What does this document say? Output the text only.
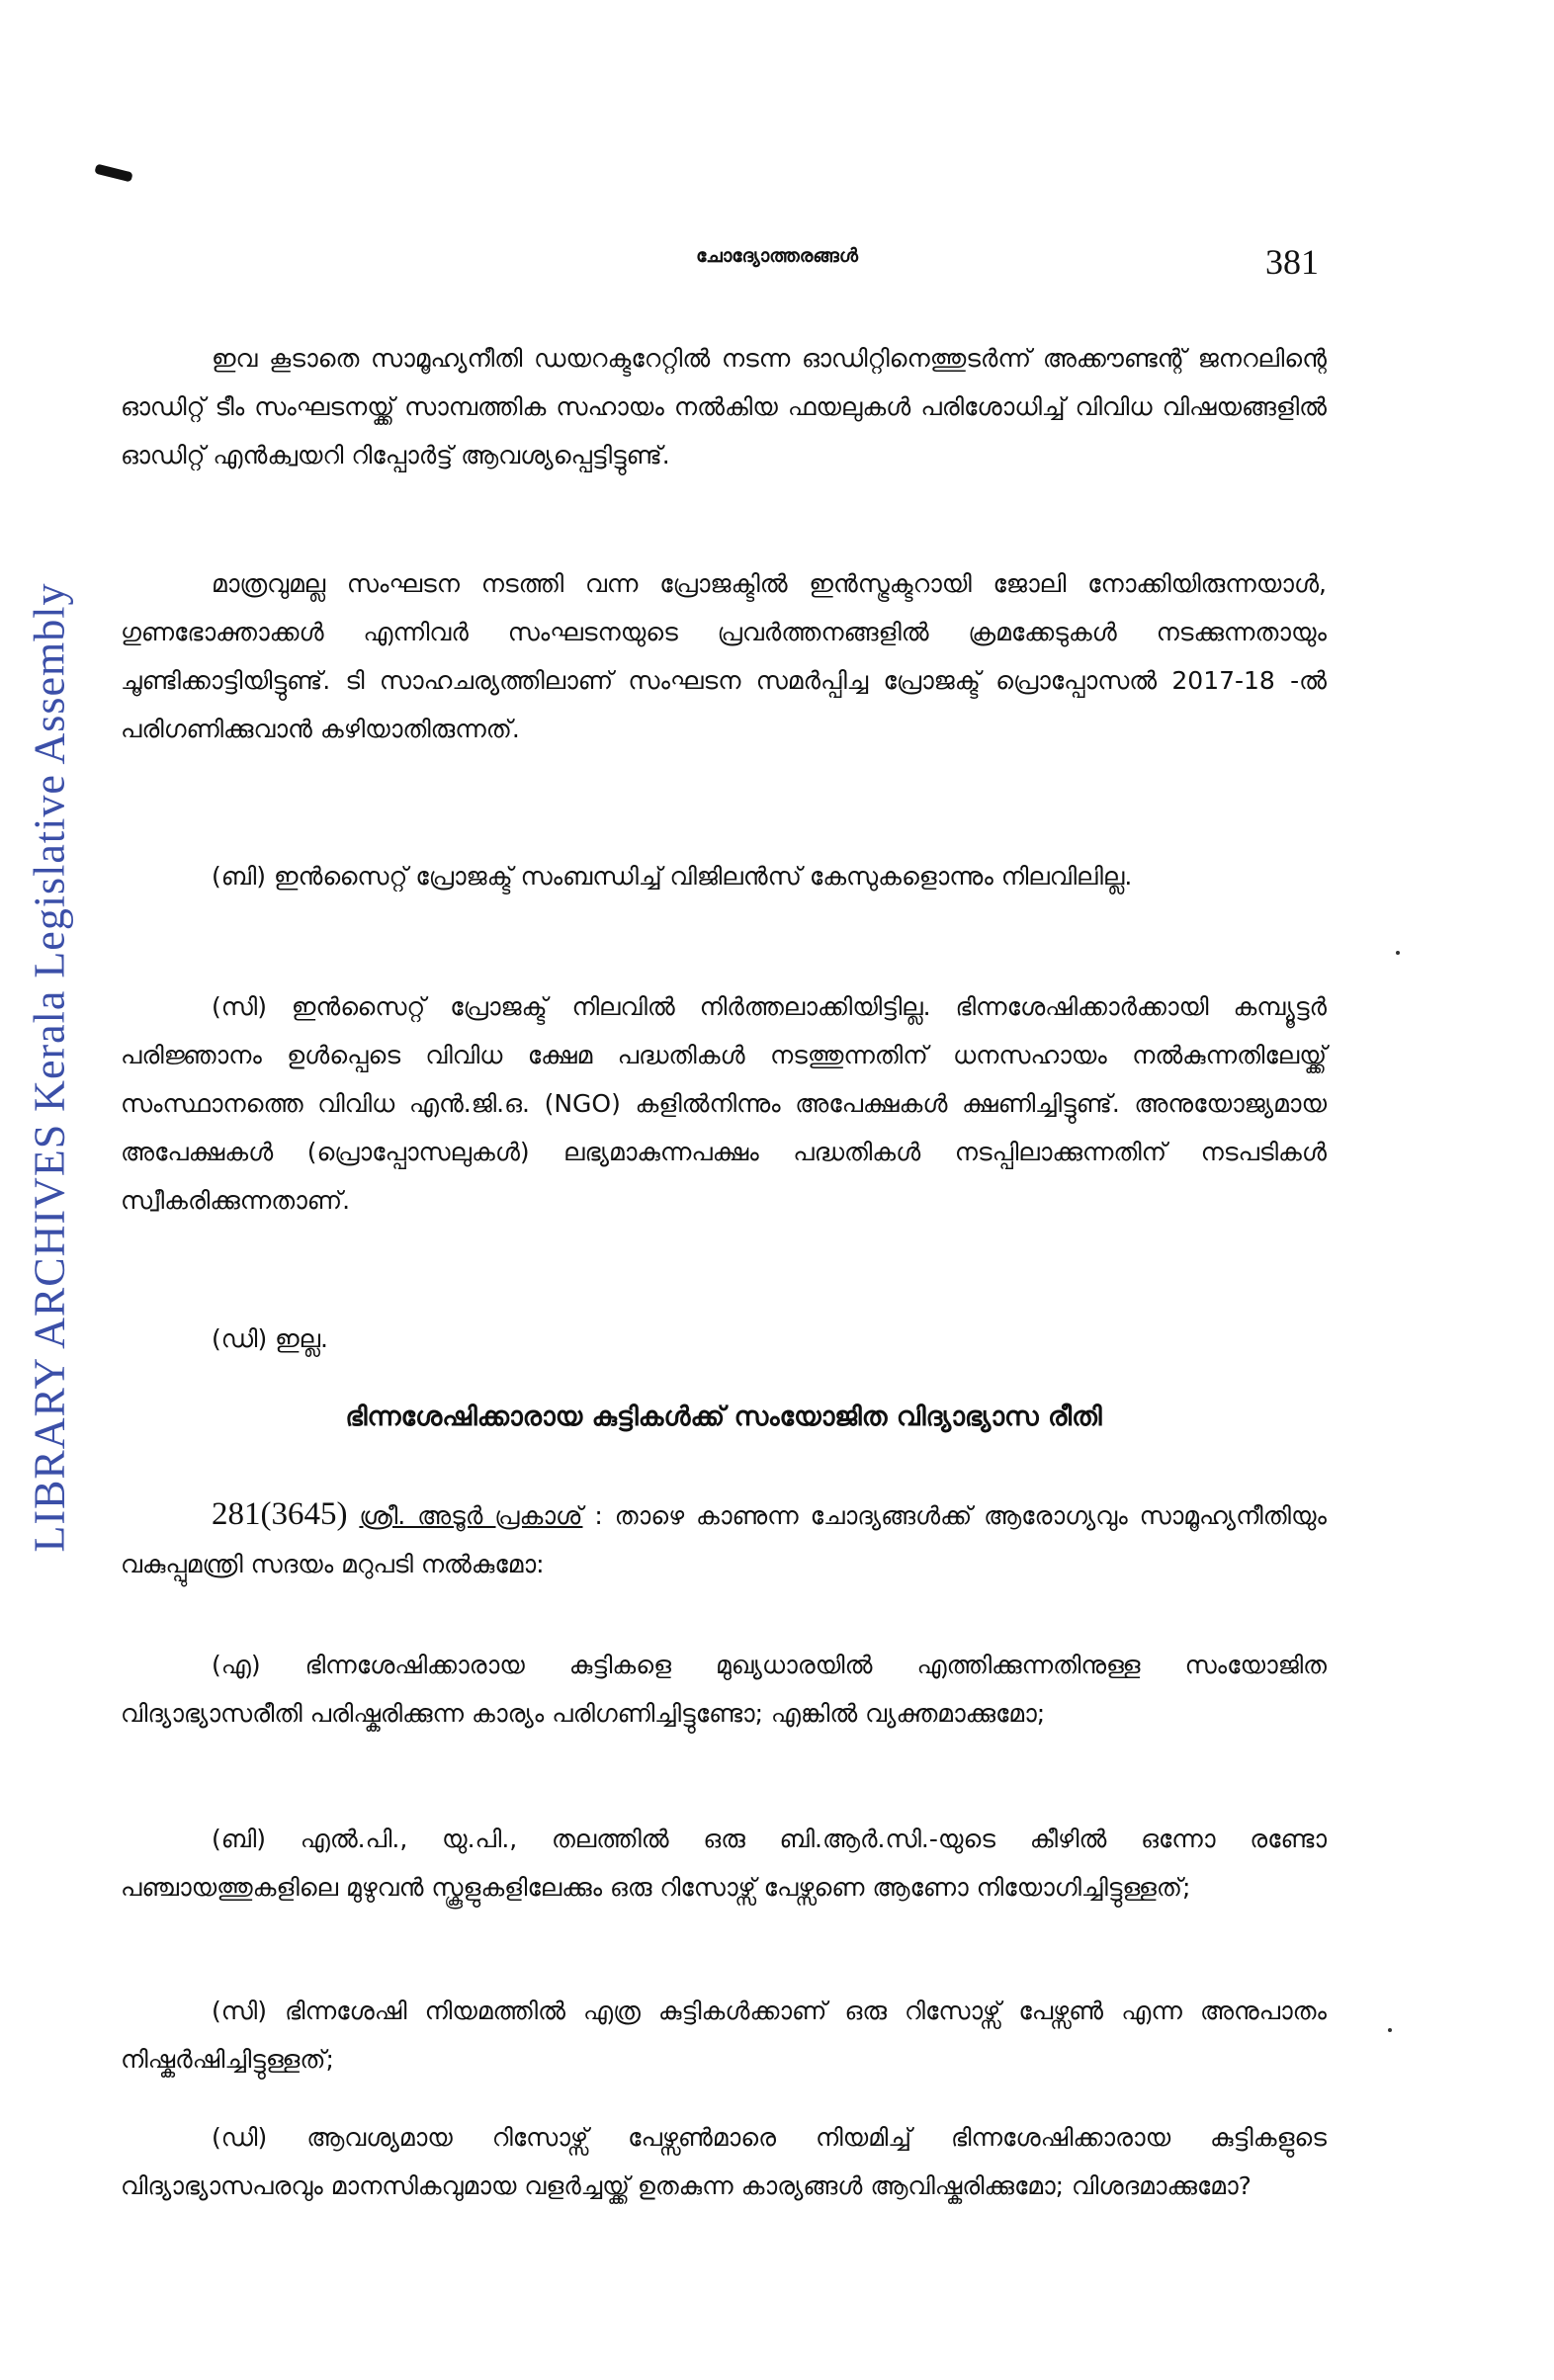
LIBRARY ARCHIVES Kerala Legislative Assembly
ചോദ്യോത്തരങ്ങൾ	381

ഇവ കൂടാതെ സാമൂഹ്യനീതി ഡയറക്ടറേറ്റിൽ നടന്ന ഓഡിറ്റിനെത്തുടർന്ന് അക്കൗണ്ടന്റ് ജനറലിന്റെ ഓഡിറ്റ് ടീം സംഘടനയ്ക്ക് സാമ്പത്തിക സഹായം നൽകിയ ഫയലുകൾ പരിശോധിച്ച് വിവിധ വിഷയങ്ങളിൽ ഓഡിറ്റ് എൻക്വയറി റിപ്പോർട്ട് ആവശ്യപ്പെട്ടിട്ടുണ്ട്.

മാത്രവുമല്ല സംഘടന നടത്തി വന്ന പ്രോജക്ടിൽ ഇൻസ്ട്രക്ടറായി ജോലി നോക്കിയിരുന്നയാൾ, ഗുണഭോക്താക്കൾ എന്നിവർ സംഘടനയുടെ പ്രവർത്തനങ്ങളിൽ ക്രമക്കേടുകൾ നടക്കുന്നതായും ചൂണ്ടിക്കാട്ടിയിട്ടുണ്ട്. ടി സാഹചര്യത്തിലാണ് സംഘടന സമർപ്പിച്ച പ്രോജക്ട് പ്രൊപ്പോസൽ 2017-18 -ൽ പരിഗണിക്കുവാൻ കഴിയാതിരുന്നത്.

(ബി) ഇൻസൈറ്റ് പ്രോജക്ട് സംബന്ധിച്ച് വിജിലൻസ് കേസുകളൊന്നും നിലവിലില്ല.

(സി) ഇൻസൈറ്റ് പ്രോജക്ട് നിലവിൽ നിർത്തലാക്കിയിട്ടില്ല. ഭിന്നശേഷിക്കാർക്കായി കമ്പ്യൂട്ടർ പരിജ്ഞാനം ഉൾപ്പെടെ വിവിധ ക്ഷേമ പദ്ധതികൾ നടത്തുന്നതിന് ധനസഹായം നൽകുന്നതിലേയ്ക്ക് സംസ്ഥാനത്തെ വിവിധ എൻ.ജി.ഒ. (NGO) കളിൽനിന്നും അപേക്ഷകൾ ക്ഷണിച്ചിട്ടുണ്ട്. അനുയോജ്യമായ അപേക്ഷകൾ (പ്രൊപ്പോസലുകൾ) ലഭ്യമാകുന്നപക്ഷം പദ്ധതികൾ നടപ്പിലാക്കുന്നതിന് നടപടികൾ സ്വീകരിക്കുന്നതാണ്.

(ഡി) ഇല്ല.

ഭിന്നശേഷിക്കാരായ കുട്ടികൾക്ക് സംയോജിത വിദ്യാഭ്യാസ രീതി

281(3645) ശ്രീ. അടൂർ പ്രകാശ് : താഴെ കാണുന്ന ചോദ്യങ്ങൾക്ക് ആരോഗ്യവും സാമൂഹ്യനീതിയും വകുപ്പുമന്ത്രി സദയം മറുപടി നൽകുമോ:

(എ) ഭിന്നശേഷിക്കാരായ കുട്ടികളെ മുഖ്യധാരയിൽ എത്തിക്കുന്നതിനുള്ള സംയോജിത വിദ്യാഭ്യാസരീതി പരിഷ്കരിക്കുന്ന കാര്യം പരിഗണിച്ചിട്ടുണ്ടോ; എങ്കിൽ വ്യക്തമാക്കുമോ;

(ബി) എൽ.പി., യു.പി., തലത്തിൽ ഒരു ബി.ആർ.സി.-യുടെ കീഴിൽ ഒന്നോ രണ്ടോ പഞ്ചായത്തുകളിലെ മുഴുവൻ സ്കൂളുകളിലേക്കും ഒരു റിസോഴ്സ് പേഴ്സണെ ആണോ നിയോഗിച്ചിട്ടുള്ളത്;

(സി) ഭിന്നശേഷി നിയമത്തിൽ എത്ര കുട്ടികൾക്കാണ് ഒരു റിസോഴ്സ് പേഴ്സൺ എന്ന അനുപാതം നിഷ്കർഷിച്ചിട്ടുള്ളത്;

(ഡി) ആവശ്യമായ റിസോഴ്സ് പേഴ്സൺമാരെ നിയമിച്ച് ഭിന്നശേഷിക്കാരായ കുട്ടികളുടെ വിദ്യാഭ്യാസപരവും മാനസികവുമായ വളർച്ചയ്ക്ക് ഉതകുന്ന കാര്യങ്ങൾ ആവിഷ്കരിക്കുമോ; വിശദമാക്കുമോ?
